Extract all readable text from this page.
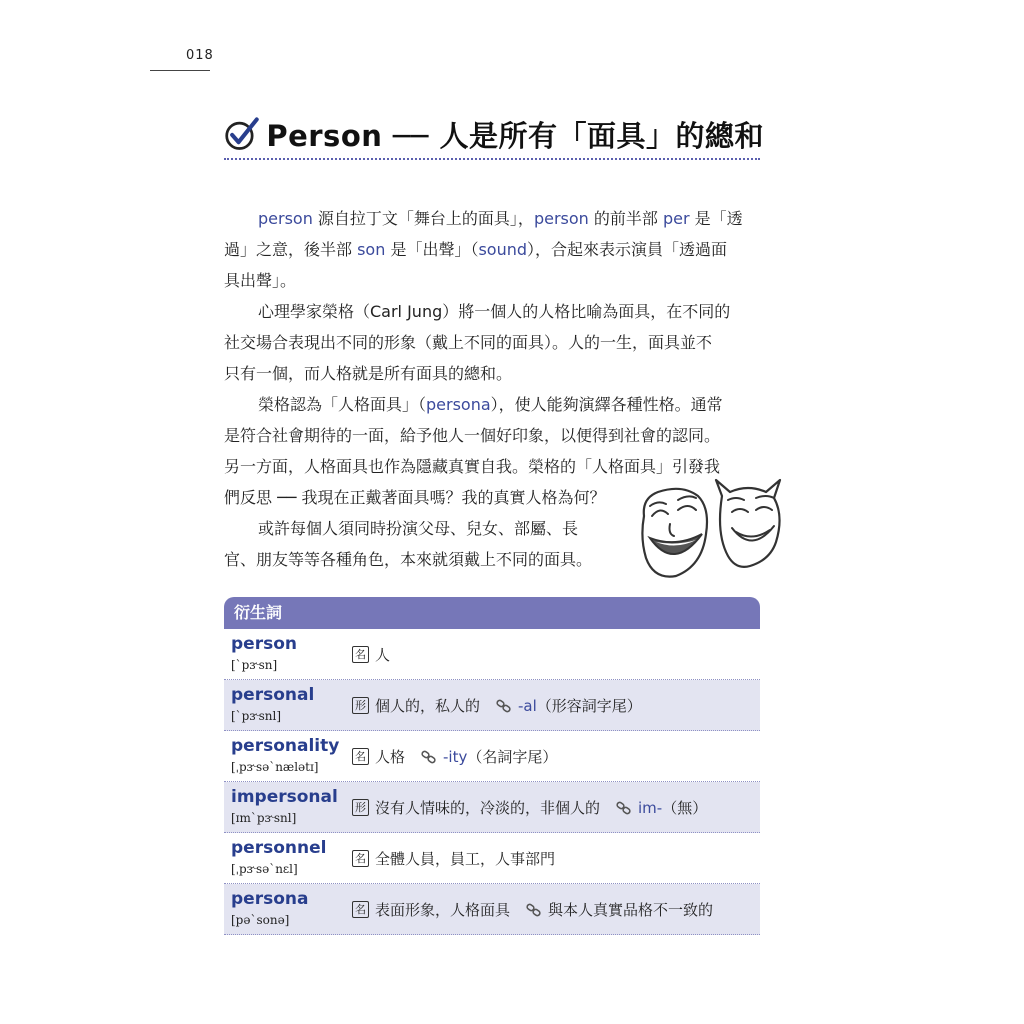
018
Person ── 人是所有「面具」的總和
person 源自拉丁文「舞台上的面具」，person 的前半部 per 是「透
過」之意，後半部 son 是「出聲」（sound），合起來表示演員「透過面
具出聲」。
心理學家榮格（Carl Jung）將一個人的人格比喻為面具，在不同的
社交場合表現出不同的形象（戴上不同的面具）。人的一生，面具並不
只有一個，而人格就是所有面具的總和。
榮格認為「人格面具」（persona），使人能夠演繹各種性格。通常
是符合社會期待的一面，給予他人一個好印象，以便得到社會的認同。
另一方面，人格面具也作為隱藏真實自我。榮格的「人格面具」引發我
們反思 ── 我現在正戴著面具嗎？我的真實人格為何？
或許每個人須同時扮演父母、兒女、部屬、長
官、朋友等等各種角色，本來就須戴上不同的面具。
衍生詞
person
[ˋpɝsn]
名 人
personal
[ˋpɝsnl]
形 個人的，私人的	-al （形容詞字尾）
personality
[ˌpɝsəˋnælətɪ]
名 人格	-ity （名詞字尾）
impersonal
[ɪmˋpɝsnl]
形 沒有人情味的，冷淡的，非個人的	im- （無）
personnel
[ˌpɝsəˋnɛl]
名 全體人員，員工，人事部門
persona
[pəˋsonə]
名 表面形象，人格面具	與本人真實品格不一致的
